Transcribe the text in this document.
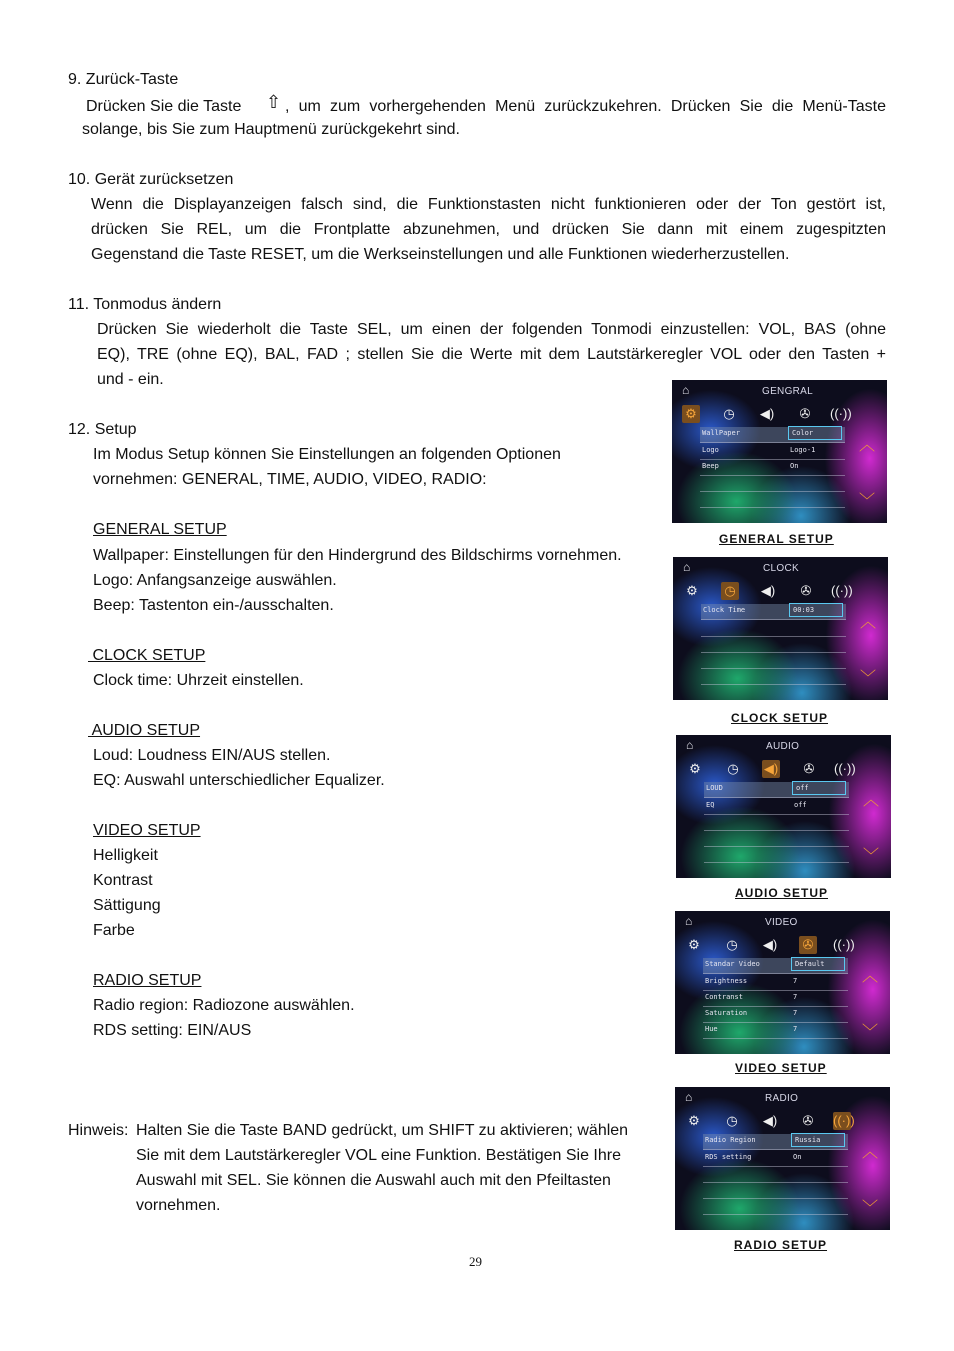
9. Zurück-Taste
Drücken Sie die Taste ⇧ , um zum vorhergehenden Menü zurückzukehren. Drücken Sie die Menü-Taste
solange, bis Sie zum Hauptmenü zurückgekehrt sind.
10. Gerät zurücksetzen
Wenn die Displayanzeigen falsch sind, die Funktionstasten nicht funktionieren oder der Ton gestört ist,
drücken Sie REL, um die Frontplatte abzunehmen, und drücken Sie dann mit einem zugespitzten
Gegenstand die Taste RESET, um die Werkseinstellungen und alle Funktionen wiederherzustellen.
11. Tonmodus ändern
Drücken Sie wiederholt die Taste SEL, um einen der folgenden Tonmodi einzustellen: VOL, BAS (ohne
EQ), TRE (ohne EQ), BAL, FAD ; stellen Sie die Werte mit dem Lautstärkeregler VOL oder den Tasten +
und - ein.
12. Setup
Im Modus Setup können Sie Einstellungen an folgenden Optionen
vornehmen: GENERAL, TIME, AUDIO, VIDEO, RADIO:
GENERAL SETUP
Wallpaper: Einstellungen für den Hindergrund des Bildschirms vornehmen.
Logo: Anfangsanzeige auswählen.
Beep: Tastenton ein-/ausschalten.
CLOCK SETUP
Clock time: Uhrzeit einstellen.
AUDIO SETUP
Loud: Loudness EIN/AUS stellen.
EQ: Auswahl unterschiedlicher Equalizer.
VIDEO SETUP
Helligkeit
Kontrast
Sättigung
Farbe
RADIO SETUP
Radio region: Radiozone auswählen.
RDS setting: EIN/AUS
Hinweis: Halten Sie die Taste BAND gedrückt, um SHIFT zu aktivieren; wählen
Sie mit dem Lautstärkeregler VOL eine Funktion. Bestätigen Sie Ihre
Auswahl mit SEL. Sie können die Auswahl auch mit den Pfeiltasten
vornehmen.
29
⌂	GENGRAL
⚙ ◷ ◀) ✇ ((·))
WallPaper	Color
Logo	Logo-1
Beep	On
︿
﹀
GENERAL SETUP
⌂	CLOCK
⚙ ◷ ◀) ✇ ((·))
Clock Time	00:03
︿
﹀
CLOCK SETUP
⌂	AUDIO
⚙ ◷ ◀) ✇ ((·))
LOUD	off
EQ	off	︿
﹀
AUDIO SETUP
⌂	VIDEO
⚙ ◷ ◀) ✇ ((·))
Standar Video	Default
Brightness	7
Contranst	7
Saturation	7
Hue	7
︿
﹀
VIDEO SETUP
⌂	RADIO
⚙ ◷ ◀) ✇ ((·))
Radio Region	Russia
RDS setting	On	︿
﹀
RADIO SETUP
